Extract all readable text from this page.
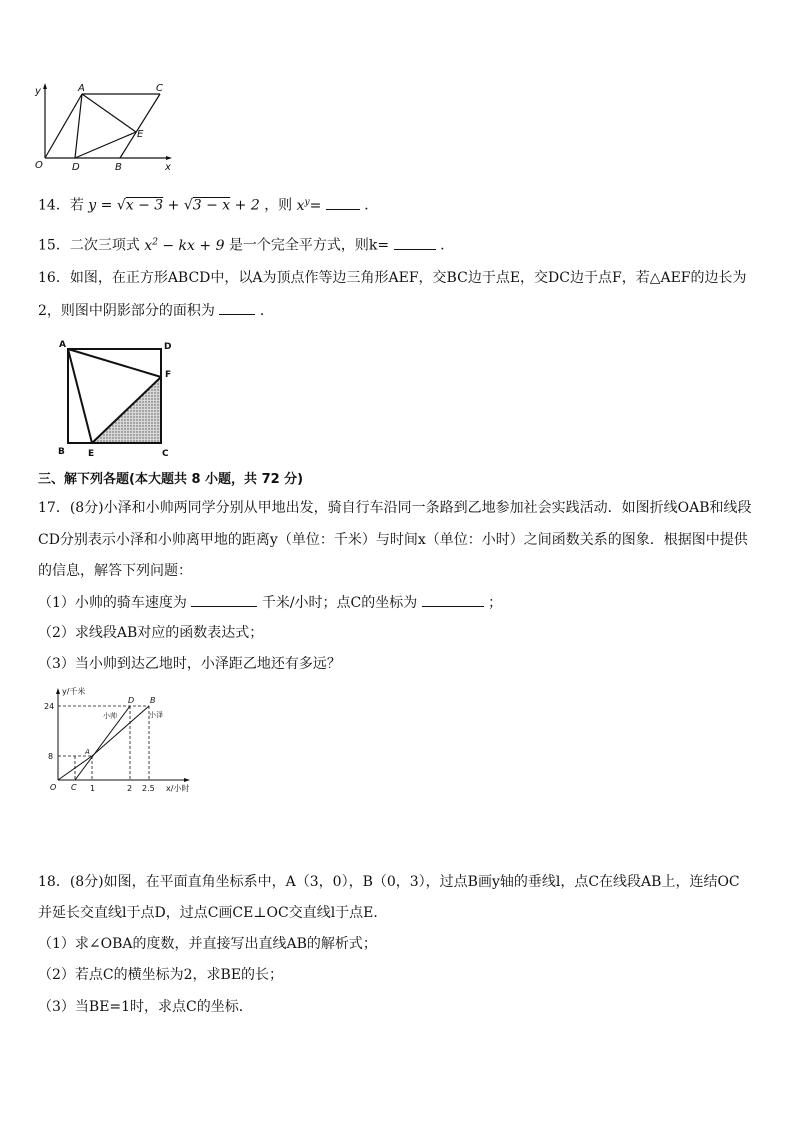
y
x
O
A	C
E
D	B
14．若 y = √x − 3 + √3 − x + 2 ，则 $x^y=$	．
15．二次三项式 $x^2$ − kx + 9 是一个完全平方式，则k=	.
16．如图，在正方形ABCD中，以A为顶点作等边三角形AEF，交BC边于点E，交DC边于点F，若△AEF的边长为
2，则图中阴影部分的面积为	．
A	D
F
B	E	C
三、解下列各题(本大题共 8 小题，共 72 分)
17．(8分)小泽和小帅两同学分别从甲地出发，骑自行车沿同一条路到乙地参加社会实践活动．如图折线OAB和线段
CD分别表示小泽和小帅离甲地的距离y（单位：千米）与时间x（单位：小时）之间函数关系的图象．根据图中提供
的信息，解答下列问题：
（1）小帅的骑车速度为	千米/小时；点C的坐标为	；
（2）求线段AB对应的函数表达式；
（3）当小帅到达乙地时，小泽距乙地还有多远？
y/千米
x/小时
24
8
O C 1	2 2.5
A
B
D
小帅	小泽
18．(8分)如图，在平面直角坐标系中，A（3，0），B（0，3），过点B画y轴的垂线l，点C在线段AB上，连结OC
并延长交直线l于点D，过点C画CE⊥OC交直线l于点E．
（1）求∠OBA的度数，并直接写出直线AB的解析式；
（2）若点C的横坐标为2，求BE的长；
（3）当BE=1时，求点C的坐标．
